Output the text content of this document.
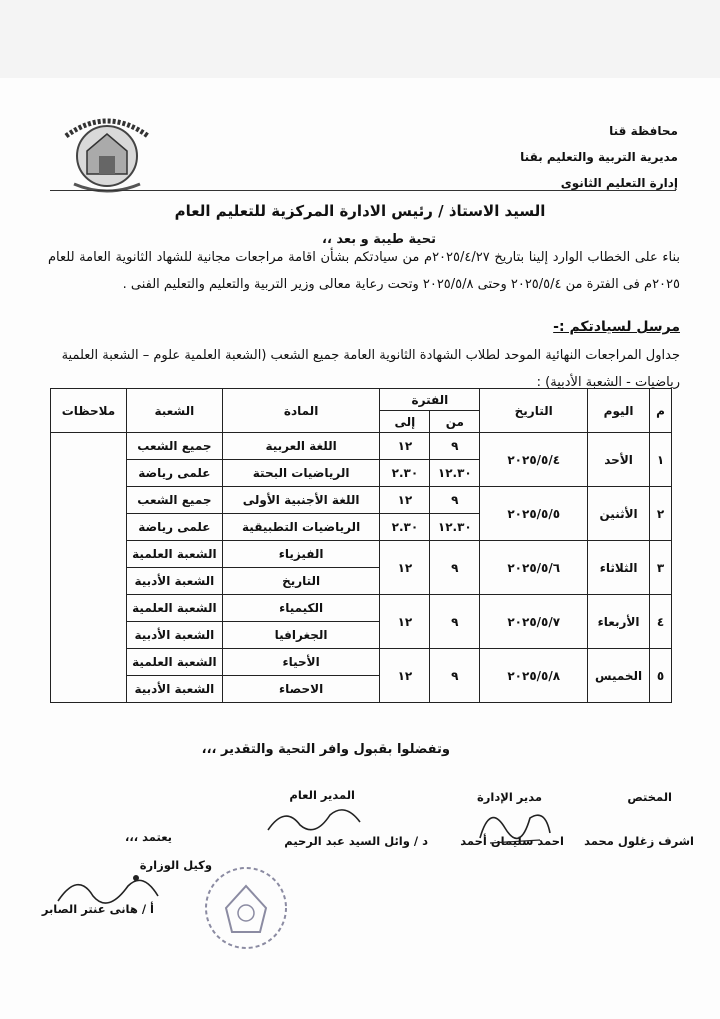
محافظة قنا
مديرية التربية والتعليم بقنا
إدارة التعليم الثانوى
السيد الاستاذ / رئيس الادارة المركزية للتعليم العام
تحية طيبة و بعد ،،
بناء على الخطاب الوارد إلينا بتاريخ ٢٠٢٥/٤/٢٧م من سيادتكم بشأن اقامة مراجعات مجانية للشهاد الثانوية العامة للعام ٢٠٢٥م فى الفترة من ٢٠٢٥/٥/٤ وحتى ٢٠٢٥/٥/٨ وتحت رعاية معالى وزير التربية والتعليم والتعليم الفنى .
مرسل لسيادتكم :-
جداول المراجعات النهائية الموحد لطلاب الشهادة الثانوية العامة جميع الشعب (الشعبة العلمية علوم – الشعبة العلمية رياضيات - الشعبة الأدبية) :
م	اليوم	التاريخ	الفترة		المادة	الشعبة	ملاحظات
			من	إلى			
١	الأحد	٢٠٢٥/٥/٤	٩	١٢	اللغة العربية	جميع الشعب	
			١٢.٣٠	٢.٣٠	الرياضيات البحتة	علمى رياضة	
٢	الأثنين	٢٠٢٥/٥/٥	٩	١٢	اللغة الأجنبية الأولى	جميع الشعب	
			١٢.٣٠	٢.٣٠	الرياضيات التطبيقية	علمى رياضة	
٣	الثلاثاء	٢٠٢٥/٥/٦	٩	١٢	الفيزياء	الشعبة العلمية	
					التاريخ	الشعبة الأدبية	
٤	الأربعاء	٢٠٢٥/٥/٧	٩	١٢	الكيمياء	الشعبة العلمية	
					الجغرافيا	الشعبة الأدبية	
٥	الخميس	٢٠٢٥/٥/٨	٩	١٢	الأحياء	الشعبة العلمية	
					الاحصاء	الشعبة الأدبية	
وتفضلوا بقبول وافر التحية والتقدير ،،،
المختص
اشرف زغلول محمد
مدير الإدارة
احمد سليمان أحمد
المدير العام
د / وائل السيد عبد الرحيم
يعتمد ،،،
وكيل الوزارة
أ / هانى عنتر الصابر
